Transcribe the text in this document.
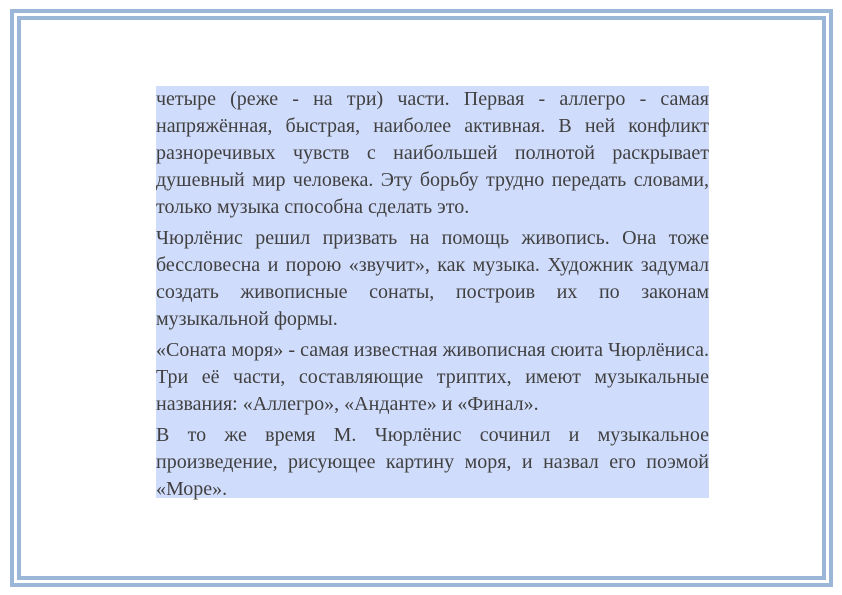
четыре (реже - на три) части. Первая - аллегро - самая напряжённая, быстрая, наиболее активная. В ней конфликт разноречивых чувств с наибольшей полнотой раскрывает душевный мир человека. Эту борьбу трудно передать словами, только музыка способна сделать это.

Чюрлёнис решил призвать на помощь живопись. Она тоже бессловесна и порою «звучит», как музыка. Художник задумал создать живописные сонаты, построив их по законам музыкальной формы.

«Соната моря» - самая известная живописная сюита Чюрлёниса. Три её части, составляющие триптих, имеют музыкальные названия: «Аллегро», «Анданте» и «Финал».

В то же время М. Чюрлёнис сочинил и музыкальное произведение, рисующее картину моря, и назвал его поэмой «Море».
